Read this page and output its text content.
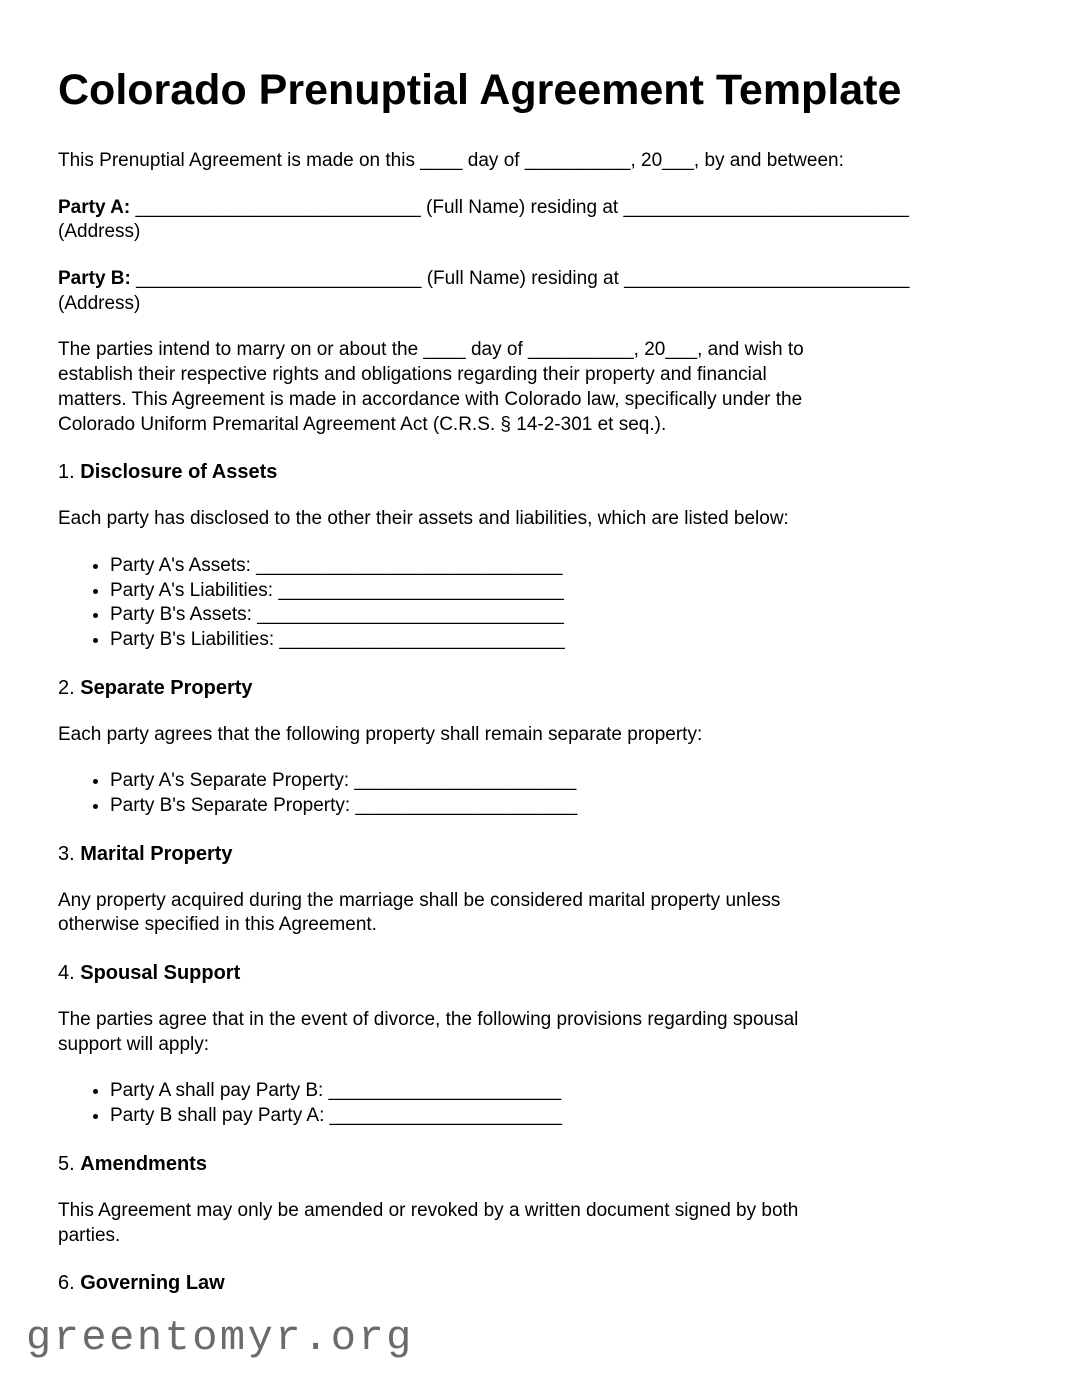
greentomyr.org
Colorado Prenuptial Agreement Template

This Prenuptial Agreement is made on this ____ day of __________, 20___, by and between:

Party A: ___________________________ (Full Name) residing at ___________________________
(Address)

Party B: ___________________________ (Full Name) residing at ___________________________
(Address)

The parties intend to marry on or about the ____ day of __________, 20___, and wish to
establish their respective rights and obligations regarding their property and financial
matters. This Agreement is made in accordance with Colorado law, specifically under the
Colorado Uniform Premarital Agreement Act (C.R.S. § 14-2-301 et seq.).

1. Disclosure of Assets

Each party has disclosed to the other their assets and liabilities, which are listed below:

• Party A's Assets: _____________________________
• Party A's Liabilities: ___________________________
• Party B's Assets: _____________________________
• Party B's Liabilities: ___________________________
2. Separate Property

Each party agrees that the following property shall remain separate property:

• Party A's Separate Property: _____________________
• Party B's Separate Property: _____________________
3. Marital Property

Any property acquired during the marriage shall be considered marital property unless
otherwise specified in this Agreement.

4. Spousal Support

The parties agree that in the event of divorce, the following provisions regarding spousal
support will apply:

• Party A shall pay Party B: ______________________
• Party B shall pay Party A: ______________________
5. Amendments

This Agreement may only be amended or revoked by a written document signed by both
parties.

6. Governing Law
